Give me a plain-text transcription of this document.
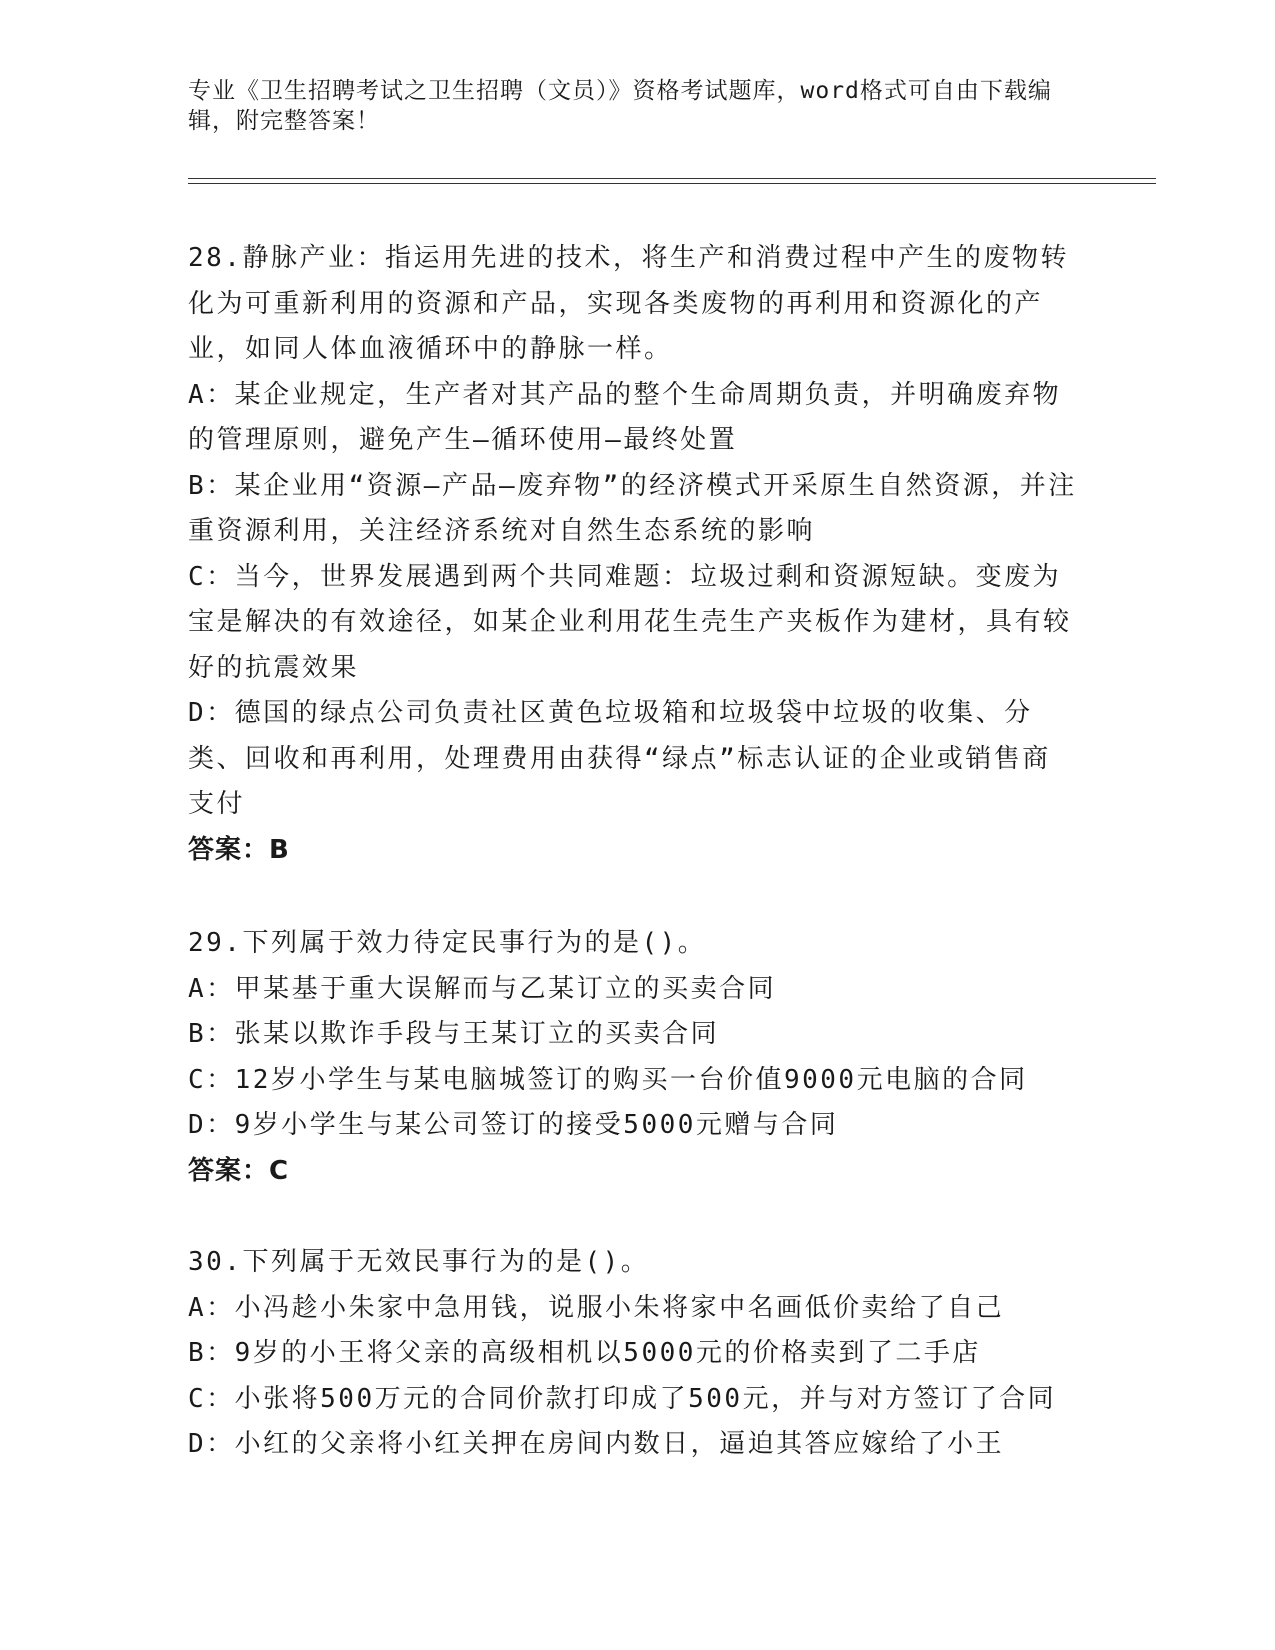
专业《卫生招聘考试之卫生招聘（文员）》资格考试题库，word格式可自由下载编辑，附完整答案！

28.静脉产业：指运用先进的技术，将生产和消费过程中产生的废物转化为可重新利用的资源和产品，实现各类废物的再利用和资源化的产业，如同人体血液循环中的静脉一样。

A：某企业规定，生产者对其产品的整个生命周期负责，并明确废弃物的管理原则，避免产生—循环使用—最终处置

B：某企业用“资源—产品—废弃物”的经济模式开采原生自然资源，并注重资源利用，关注经济系统对自然生态系统的影响

C：当今，世界发展遇到两个共同难题：垃圾过剩和资源短缺。变废为宝是解决的有效途径，如某企业利用花生壳生产夹板作为建材，具有较好的抗震效果

D：德国的绿点公司负责社区黄色垃圾箱和垃圾袋中垃圾的收集、分类、回收和再利用，处理费用由获得“绿点”标志认证的企业或销售商支付

答案：B

29.下列属于效力待定民事行为的是()。

A：甲某基于重大误解而与乙某订立的买卖合同

B：张某以欺诈手段与王某订立的买卖合同

C：12岁小学生与某电脑城签订的购买一台价值9000元电脑的合同

D：9岁小学生与某公司签订的接受5000元赠与合同

答案：C

30.下列属于无效民事行为的是()。

A：小冯趁小朱家中急用钱，说服小朱将家中名画低价卖给了自己

B：9岁的小王将父亲的高级相机以5000元的价格卖到了二手店

C：小张将500万元的合同价款打印成了500元，并与对方签订了合同

D：小红的父亲将小红关押在房间内数日，逼迫其答应嫁给了小王
